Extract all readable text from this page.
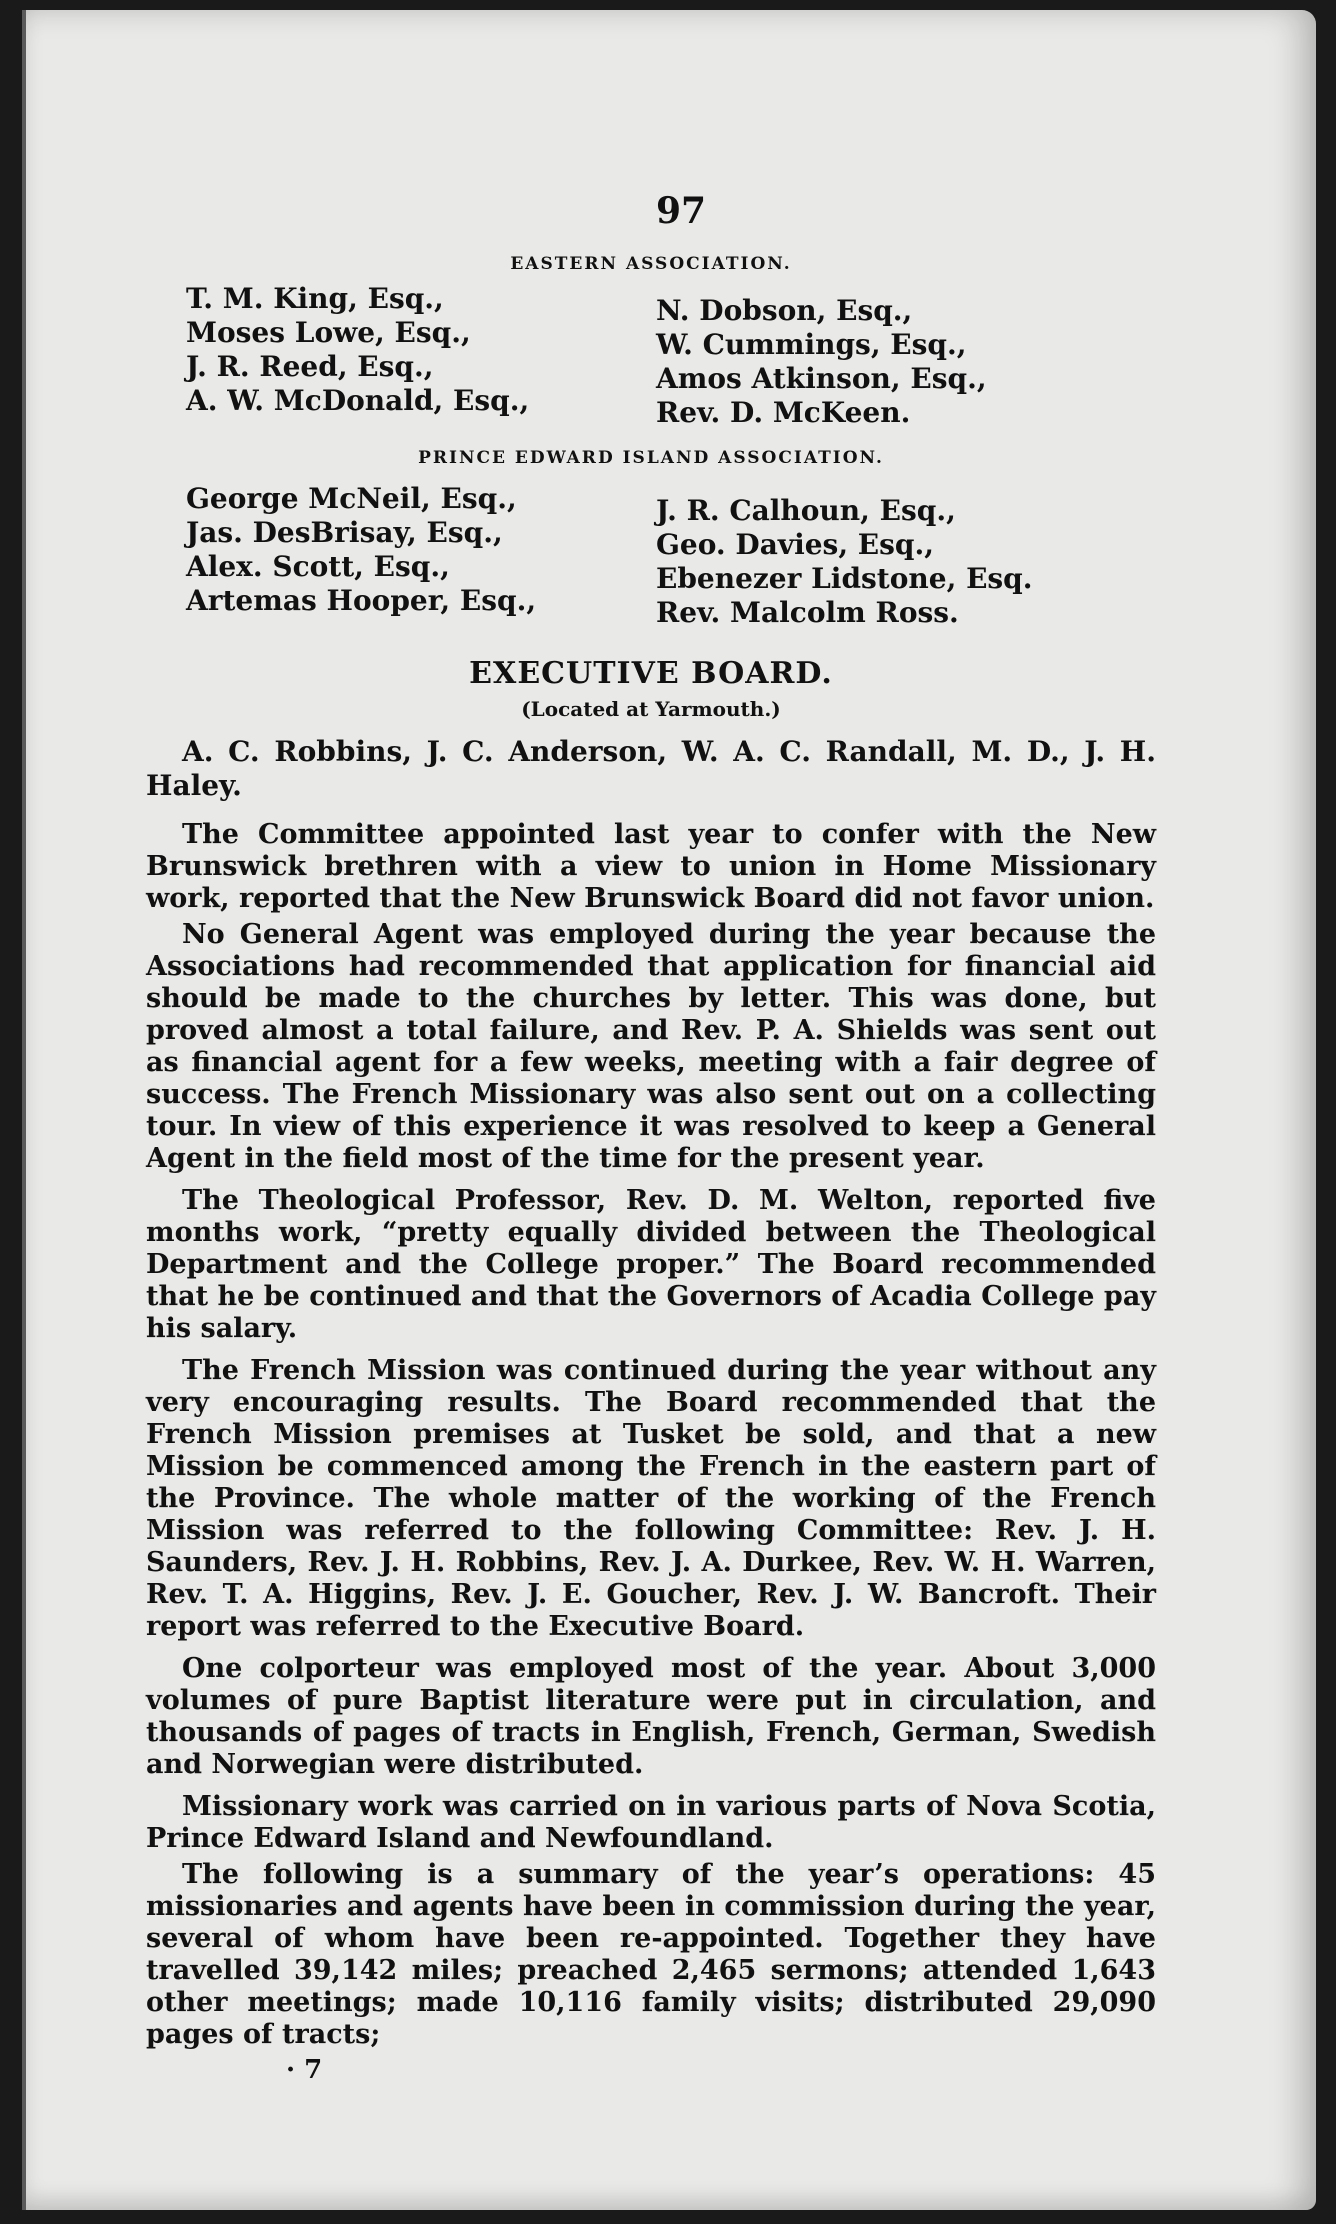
97
EASTERN ASSOCIATION.
T. M. King, Esq.,
Moses Lowe, Esq.,
J. R. Reed, Esq.,
A. W. McDonald, Esq.,
N. Dobson, Esq.,
W. Cummings, Esq.,
Amos Atkinson, Esq.,
Rev. D. McKeen.
PRINCE EDWARD ISLAND ASSOCIATION.
George McNeil, Esq.,
Jas. DesBrisay, Esq.,
Alex. Scott, Esq.,
Artemas Hooper, Esq.,
J. R. Calhoun, Esq.,
Geo. Davies, Esq.,
Ebenezer Lidstone, Esq.
Rev. Malcolm Ross.
EXECUTIVE BOARD.
(Located at Yarmouth.)
A. C. Robbins, J. C. Anderson, W. A. C. Randall, M. D., J. H. Haley.

The Committee appointed last year to confer with the New Brunswick brethren with a view to union in Home Missionary work, reported that the New Brunswick Board did not favor union.

No General Agent was employed during the year because the Associations had recommended that application for financial aid should be made to the churches by letter. This was done, but proved almost a total failure, and Rev. P. A. Shields was sent out as financial agent for a few weeks, meeting with a fair degree of success. The French Missionary was also sent out on a collecting tour. In view of this experience it was resolved to keep a General Agent in the field most of the time for the present year.

The Theological Professor, Rev. D. M. Welton, reported five months work, “pretty equally divided between the Theological Department and the College proper.” The Board recommended that he be continued and that the Governors of Acadia College pay his salary.

The French Mission was continued during the year without any very encouraging results. The Board recommended that the French Mission premises at Tusket be sold, and that a new Mission be commenced among the French in the eastern part of the Province. The whole matter of the working of the French Mission was referred to the following Committee: Rev. J. H. Saunders, Rev. J. H. Robbins, Rev. J. A. Durkee, Rev. W. H. Warren, Rev. T. A. Higgins, Rev. J. E. Goucher, Rev. J. W. Bancroft. Their report was referred to the Executive Board.

One colporteur was employed most of the year. About 3,000 volumes of pure Baptist literature were put in circulation, and thousands of pages of tracts in English, French, German, Swedish and Norwegian were distributed.

Missionary work was carried on in various parts of Nova Scotia, Prince Edward Island and Newfoundland.

The following is a summary of the year’s operations: 45 missionaries and agents have been in commission during the year, several of whom have been re-appointed. Together they have travelled 39,142 miles; preached 2,465 sermons; attended 1,643 other meetings; made 10,116 family visits; distributed 29,090 pages of tracts;

· 7
